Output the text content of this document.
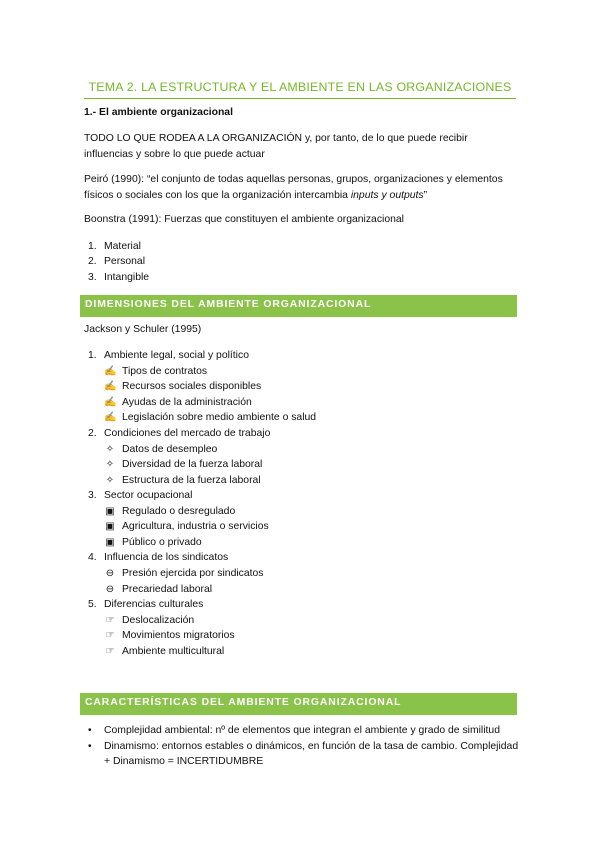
TEMA 2. LA ESTRUCTURA Y EL AMBIENTE EN LAS ORGANIZACIONES
1.- El ambiente organizacional
TODO LO QUE RODEA A LA ORGANIZACIÓN y, por tanto, de lo que puede recibir influencias y sobre lo que puede actuar
Peiró (1990): “el conjunto de todas aquellas personas, grupos, organizaciones y elementos físicos o sociales con los que la organización intercambia inputs y outputs”
Boonstra (1991): Fuerzas que constituyen el ambiente organizacional
1. Material
2. Personal
3. Intangible
DIMENSIONES DEL AMBIENTE ORGANIZACIONAL
Jackson y Schuler (1995)
1. Ambiente legal, social y político
✍ Tipos de contratos
✍ Recursos sociales disponibles
✍ Ayudas de la administración
✍ Legislación sobre medio ambiente o salud
2. Condiciones del mercado de trabajo
✧ Datos de desempleo
✧ Diversidad de la fuerza laboral
✧ Estructura de la fuerza laboral
3. Sector ocupacional
▣ Regulado o desregulado
▣ Agricultura, industria o servicios
▣ Público o privado
4. Influencia de los sindicatos
⊖ Presión ejercida por sindicatos
⊖ Precariedad laboral
5. Diferencias culturales
☞ Deslocalización
☞ Movimientos migratorios
☞ Ambiente multicultural
CARACTERÍSTICAS DEL AMBIENTE ORGANIZACIONAL
• Complejidad ambiental: nº de elementos que integran el ambiente y grado de similitud
• Dinamismo: entornos estables o dinámicos, en función de la tasa de cambio. Complejidad
+ Dinamismo = INCERTIDUMBRE
